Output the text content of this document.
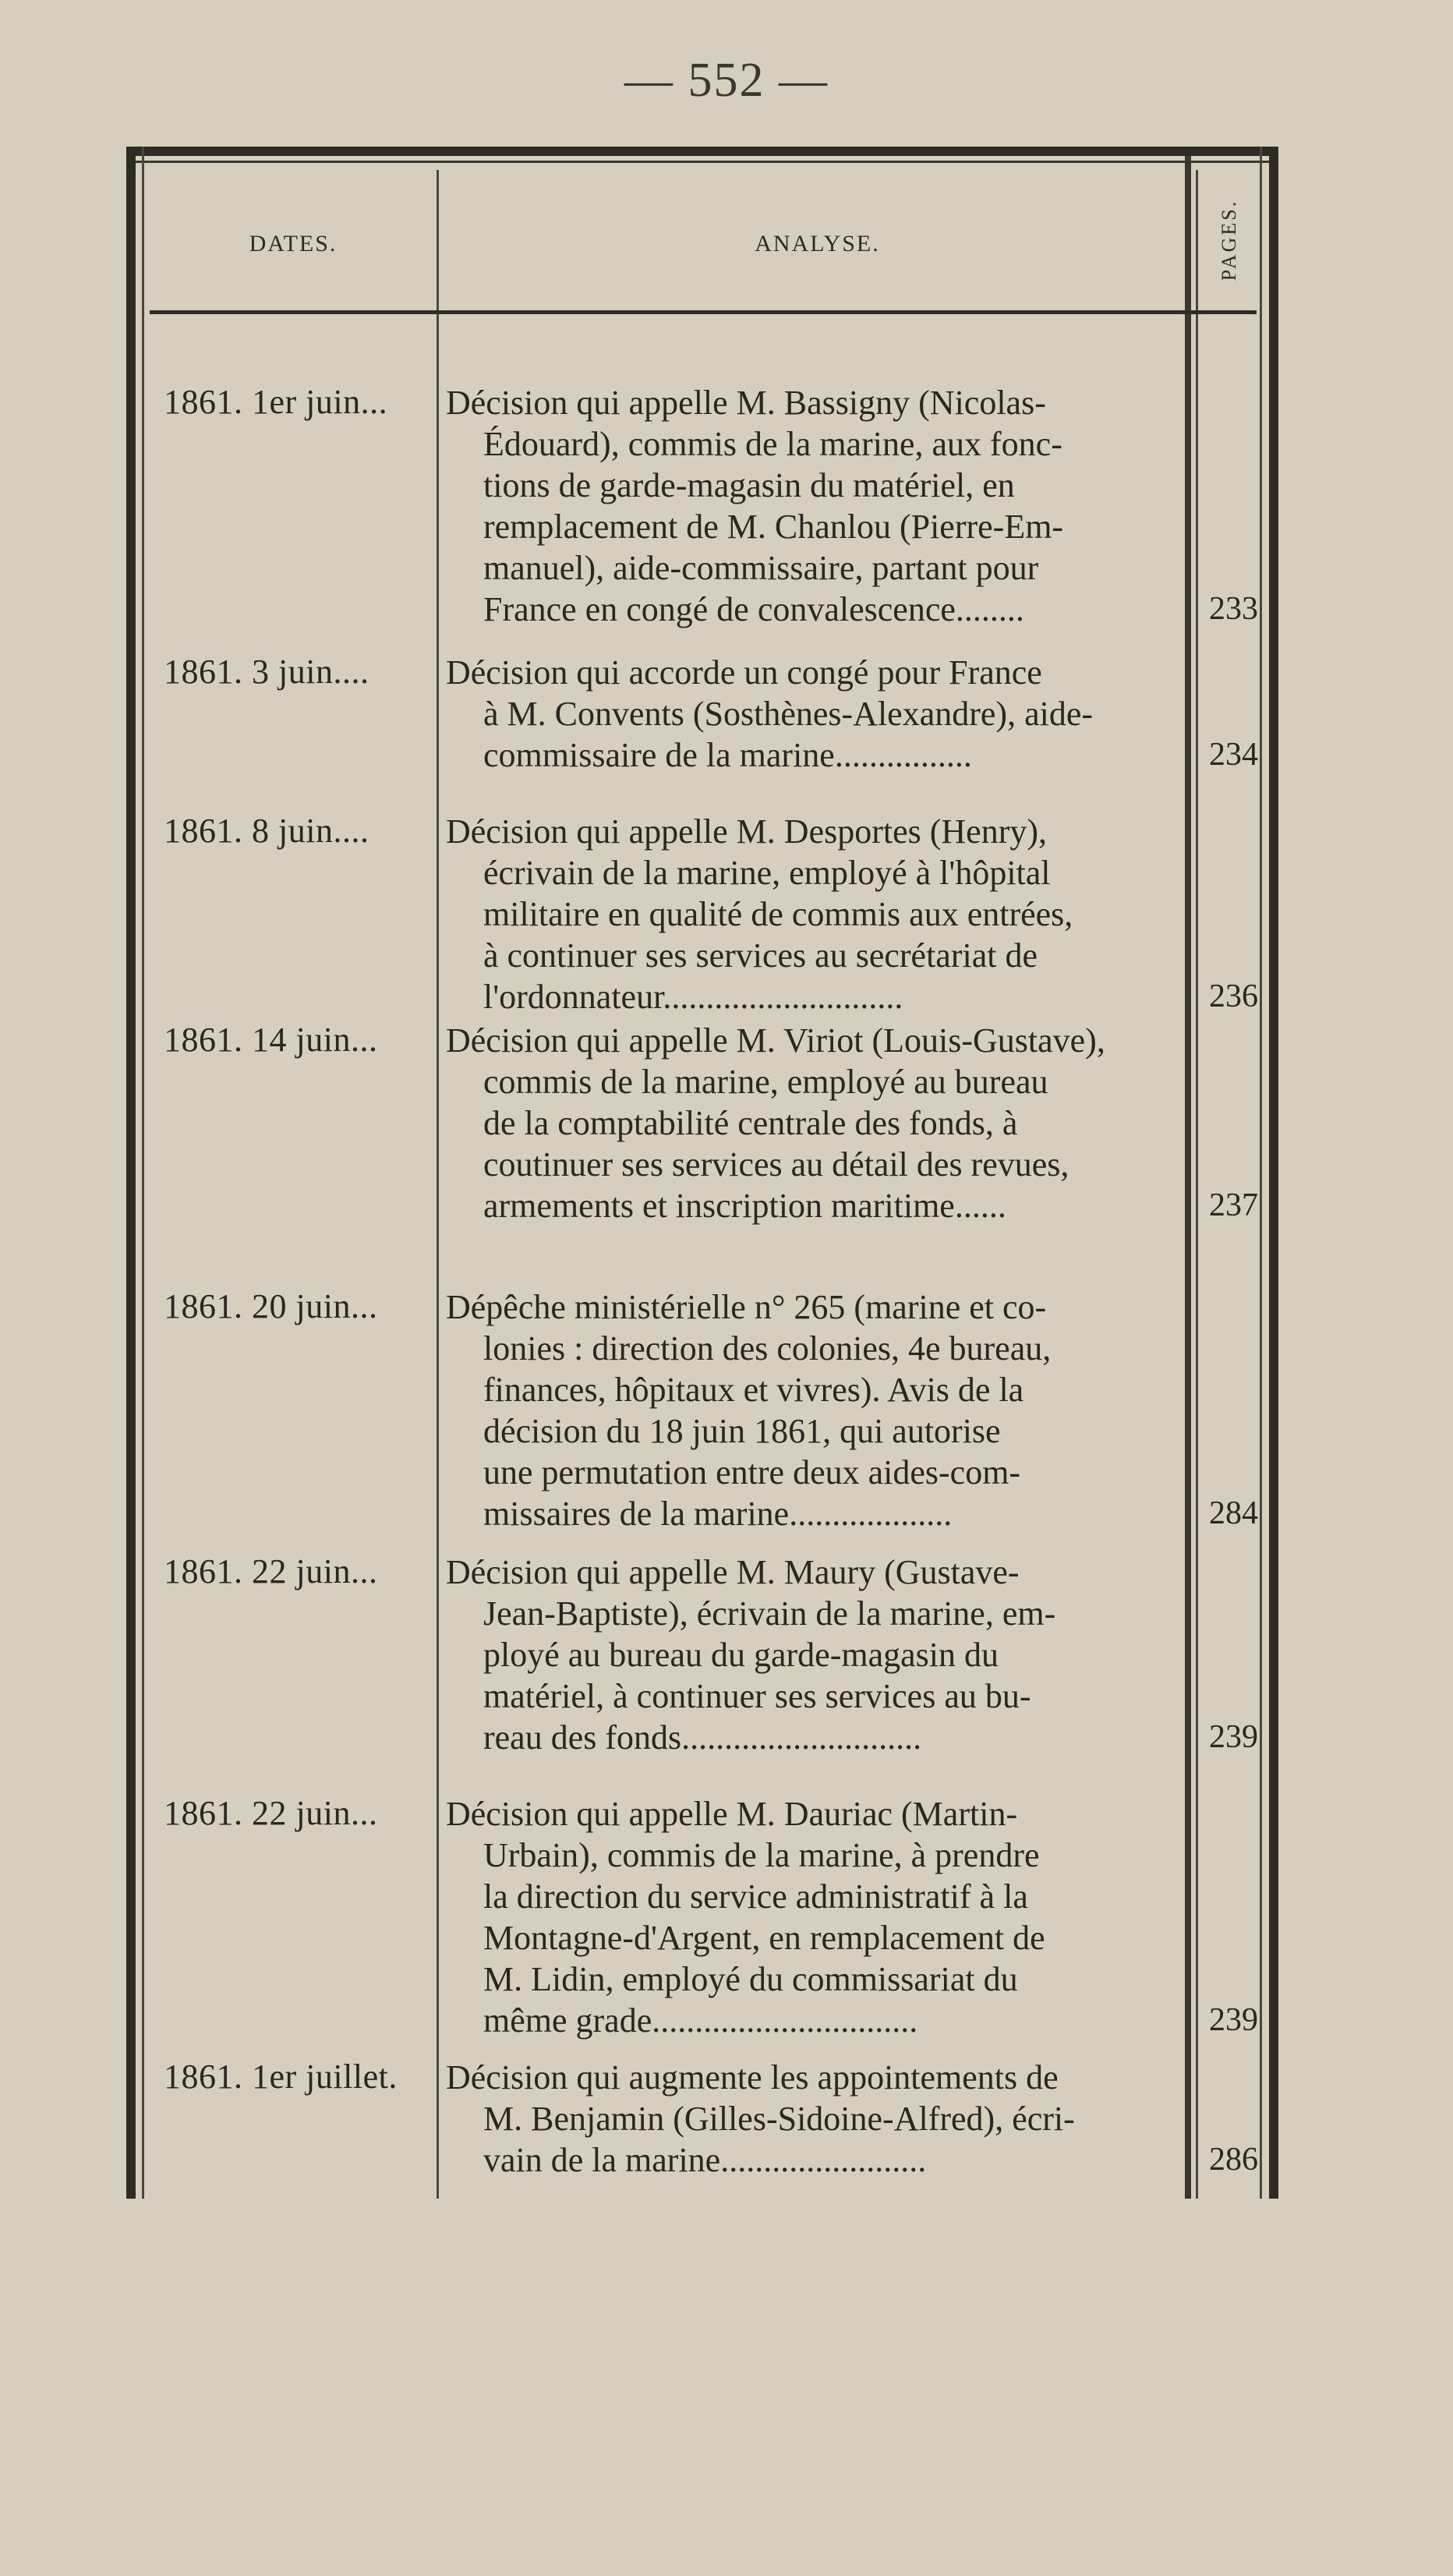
— 552 —
DATES.	ANALYSE.	PAGES.
1861. 1er juin...	Décision qui appelle M. Bassigny (Nicolas-
Édouard), commis de la marine, aux fonc-
tions de garde-magasin du matériel, en
remplacement de M. Chanlou (Pierre-Em-
manuel), aide-commissaire, partant pour
France en congé de convalescence........	233
1861. 3 juin....	Décision qui accorde un congé pour France
à M. Convents (Sosthènes-Alexandre), aide-
commissaire de la marine................	234
1861. 8 juin....	Décision qui appelle M. Desportes (Henry),
écrivain de la marine, employé à l'hôpital
militaire en qualité de commis aux entrées,
à continuer ses services au secrétariat de
l'ordonnateur............................	236
1861. 14 juin...	Décision qui appelle M. Viriot (Louis-Gustave),
commis de la marine, employé au bureau
de la comptabilité centrale des fonds, à
coutinuer ses services au détail des revues,
armements et inscription maritime......	237
1861. 20 juin...	Dépêche ministérielle n° 265 (marine et co-
lonies : direction des colonies, 4e bureau,
finances, hôpitaux et vivres). Avis de la
décision du 18 juin 1861, qui autorise
une permutation entre deux aides-com-
missaires de la marine...................	284
1861. 22 juin...	Décision qui appelle M. Maury (Gustave-
Jean-Baptiste), écrivain de la marine, em-
ployé au bureau du garde-magasin du
matériel, à continuer ses services au bu-
reau des fonds............................	239
1861. 22 juin...	Décision qui appelle M. Dauriac (Martin-
Urbain), commis de la marine, à prendre
la direction du service administratif à la
Montagne-d'Argent, en remplacement de
M. Lidin, employé du commissariat du
même grade...............................	239
1861. 1er juillet.	Décision qui augmente les appointements de
M. Benjamin (Gilles-Sidoine-Alfred), écri-
vain de la marine........................	286
